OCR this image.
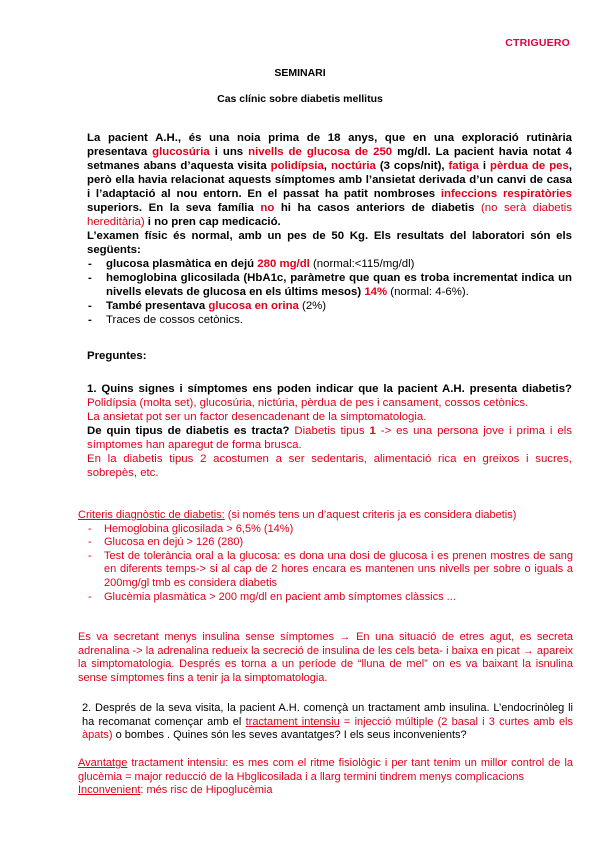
CTRIGUERO
SEMINARI
Cas clínic sobre diabetis mellitus
La pacient A.H., és una noia prima de 18 anys, que en una exploració rutinària presentava glucosúria i uns nivells de glucosa de 250 mg/dl. La pacient havia notat 4 setmanes abans d’aquesta visita polidípsia, noctúria (3 cops/nit), fatiga i pèrdua de pes, però ella havia relacionat aquests símptomes amb l’ansietat derivada d’un canvi de casa i l’adaptació al nou entorn. En el passat ha patit nombroses infeccions respiratòries superiors. En la seva família no hi ha casos anteriors de diabetis (no serà diabetis hereditària) i no pren cap medicació.
L’examen físic és normal, amb un pes de 50 Kg. Els resultats del laboratori són els següents:
- glucosa plasmàtica en dejú 280 mg/dl (normal:<115/mg/dl)
- hemoglobina glicosilada (HbA1c, paràmetre que quan es troba incrementat indica un nivells elevats de glucosa en els últims mesos) 14% (normal: 4-6%).
- També presentava glucosa en orina (2%)
- Traces de cossos cetònics.
Preguntes:
1. Quins signes i símptomes ens poden indicar que la pacient A.H. presenta diabetis? Polidípsia (molta set), glucosúria, nictúria, pèrdua de pes i cansament, cossos cetònics.
La ansietat pot ser un factor desencadenant de la simptomatologia.
De quin tipus de diabetis es tracta? Diabetis tipus 1 -> es una persona jove i prima i els símptomes han aparegut de forma brusca.
En la diabetis tipus 2 acostumen a ser sedentaris, alimentació rica en greixos i sucres, sobrepès, etc.
Criteris diagnòstic de diabetis: (si només tens un d’aquest criteris ja es considera diabetis)
- Hemoglobina glicosilada > 6,5% (14%)
- Glucosa en dejú > 126 (280)
- Test de tolerància oral a la glucosa: es dona una dosi de glucosa i es prenen mostres de sang en diferents temps-> si al cap de 2 hores encara es mantenen uns nivells per sobre o iguals a 200mg/gl tmb es considera diabetis
- Glucèmia plasmàtica > 200 mg/dl en pacient amb símptomes clàssics ...
Es va secretant menys insulina sense símptomes → En una situació de etres agut, es secreta adrenalina -> la adrenalina redueix la secreció de insulina de les cels beta- i baixa en picat → apareix la simptomatologia. Després es torna a un període de “lluna de mel” on es va baixant la isnulina sense símptomes fins a tenir ja la simptomatologia.
2. Després de la seva visita, la pacient A.H. començà un tractament amb insulina. L’endocrinòleg li ha recomanat començar amb el tractament intensiu = injecció múltiple (2 basal i 3 curtes amb els àpats) o bombes . Quines són les seves avantatges? I els seus inconvenients?
Avantatge tractament intensiu: es mes com el ritme fisiològic i per tant tenim un millor control de la glucèmia = major reducció de la Hbglicosilada i a llarg termini tindrem menys complicacions
Inconvenient: més risc de Hipoglucèmia
